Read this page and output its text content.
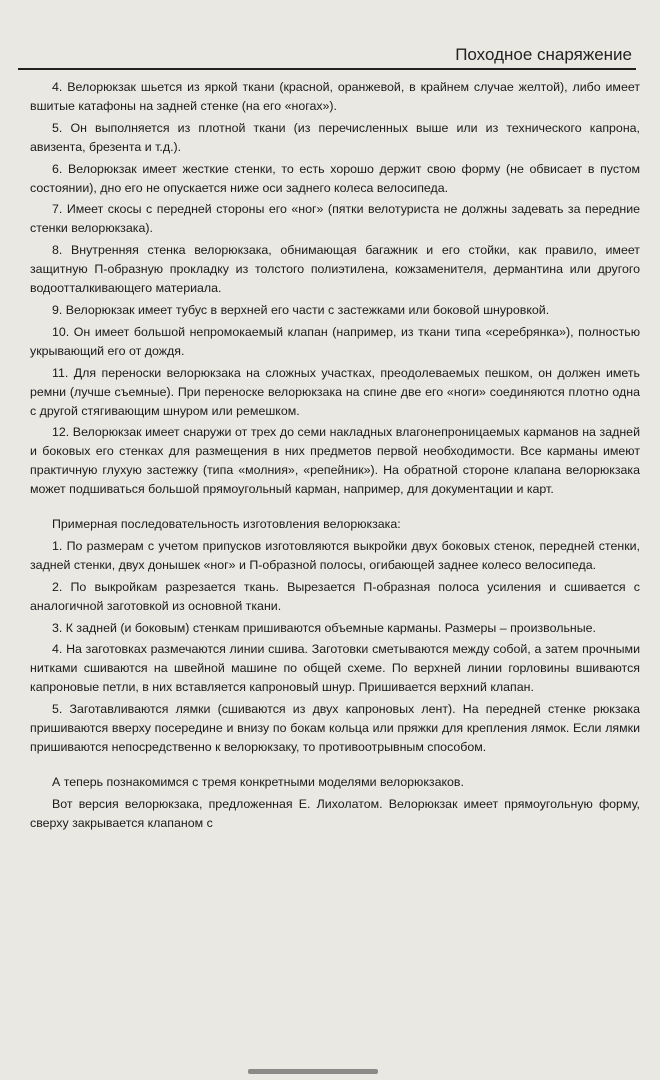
Походное снаряжение

4. Велорюкзак шьется из яркой ткани (красной, оранжевой, в крайнем случае желтой), либо имеет вшитые катафоны на задней стенке (на его «ногах»).

5. Он выполняется из плотной ткани (из перечисленных выше или из технического капрона, авизента, брезента и т.д.).

6. Велорюкзак имеет жесткие стенки, то есть хорошо держит свою форму (не обвисает в пустом состоянии), дно его не опускается ниже оси заднего колеса велосипеда.

7. Имеет скосы с передней стороны его «ног» (пятки велотуриста не должны задевать за передние стенки велорюкзака).

8. Внутренняя стенка велорюкзака, обнимающая багажник и его стойки, как правило, имеет защитную П-образную прокладку из толстого полиэтилена, кожзаменителя, дермантина или другого водоотталкивающего материала.

9. Велорюкзак имеет тубус в верхней его части с застежками или боковой шнуровкой.

10. Он имеет большой непромокаемый клапан (например, из ткани типа «серебрянка»), полностью укрывающий его от дождя.

11. Для переноски велорюкзака на сложных участках, преодолеваемых пешком, он должен иметь ремни (лучше съемные). При переноске велорюкзака на спине две его «ноги» соединяются плотно одна с другой стягивающим шнуром или ремешком.

12. Велорюкзак имеет снаружи от трех до семи накладных влагонепроницаемых карманов на задней и боковых его стенках для размещения в них предметов первой необходимости. Все карманы имеют практичную глухую застежку (типа «молния», «репейник»). На обратной стороне клапана велорюкзака может подшиваться большой прямоугольный карман, например, для документации и карт.

Примерная последовательность изготовления велорюкзака:

1. По размерам с учетом припусков изготовляются выкройки двух боковых стенок, передней стенки, задней стенки, двух донышек «ног» и П-образной полосы, огибающей заднее колесо велосипеда.

2. По выкройкам разрезается ткань. Вырезается П-образная полоса усиления и сшивается с аналогичной заготовкой из основной ткани.

3. К задней (и боковым) стенкам пришиваются объемные карманы. Размеры – произвольные.

4. На заготовках размечаются линии сшива. Заготовки сметываются между собой, а затем прочными нитками сшиваются на швейной машине по общей схеме. По верхней линии горловины вшиваются капроновые петли, в них вставляется капроновый шнур. Пришивается верхний клапан.

5. Заготавливаются лямки (сшиваются из двух капроновых лент). На передней стенке рюкзака пришиваются вверху посередине и внизу по бокам кольца или пряжки для крепления лямок. Если лямки пришиваются непосредственно к велорюкзаку, то противоотрывным способом.

А теперь познакомимся с тремя конкретными моделями велорюкзаков.

Вот версия велорюкзака, предложенная Е. Лихолатом. Велорюкзак имеет прямоугольную форму, сверху закрывается клапаном с
